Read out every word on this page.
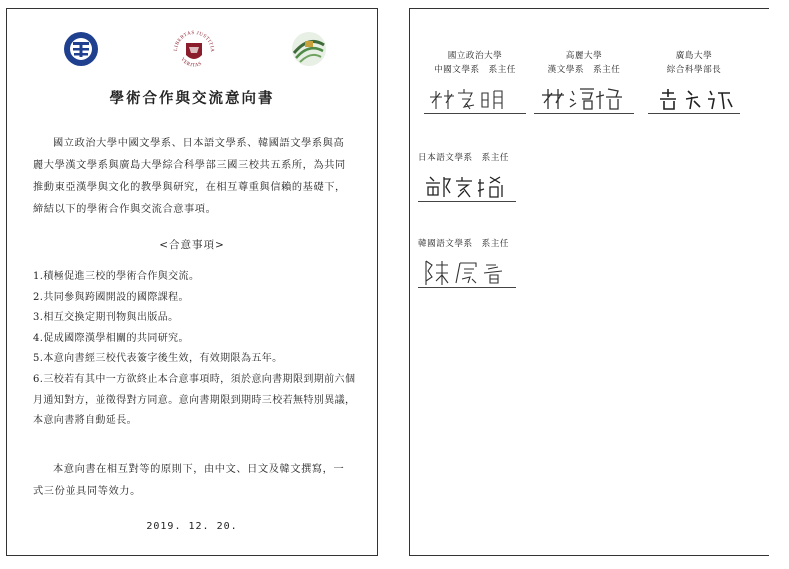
LIBERTAS JUSTITIA
VERITAS
學術合作與交流意向書
國立政治大學中國文學系、日本語文學系、韓國語文學系與高麗大學漢文學系與廣島大學綜合科學部三國三校共五系所，為共同推動東亞漢學與文化的教學與研究，在相互尊重與信賴的基礎下，締結以下的學術合作與交流合意事項。
<合意事項>
1.積極促進三校的學術合作與交流。
2.共同參與跨國開設的國際課程。
3.相互交換定期刊物與出版品。
4.促成國際漢學相關的共同研究。
5.本意向書經三校代表簽字後生效，有效期限為五年。
6.三校若有其中一方欲終止本合意事項時，須於意向書期限到期前六個月通知對方，並徵得對方同意。意向書期限到期時三校若無特別異議，本意向書將自動延長。
本意向書在相互對等的原則下，由中文、日文及韓文撰寫，一式三份並具同等效力。
2019. 12. 20.
國立政治大學
中國文學系　系主任
高麗大學
漢文學系　系主任
廣島大學
綜合科學部長
日本語文學系　系主任
韓國語文學系　系主任
